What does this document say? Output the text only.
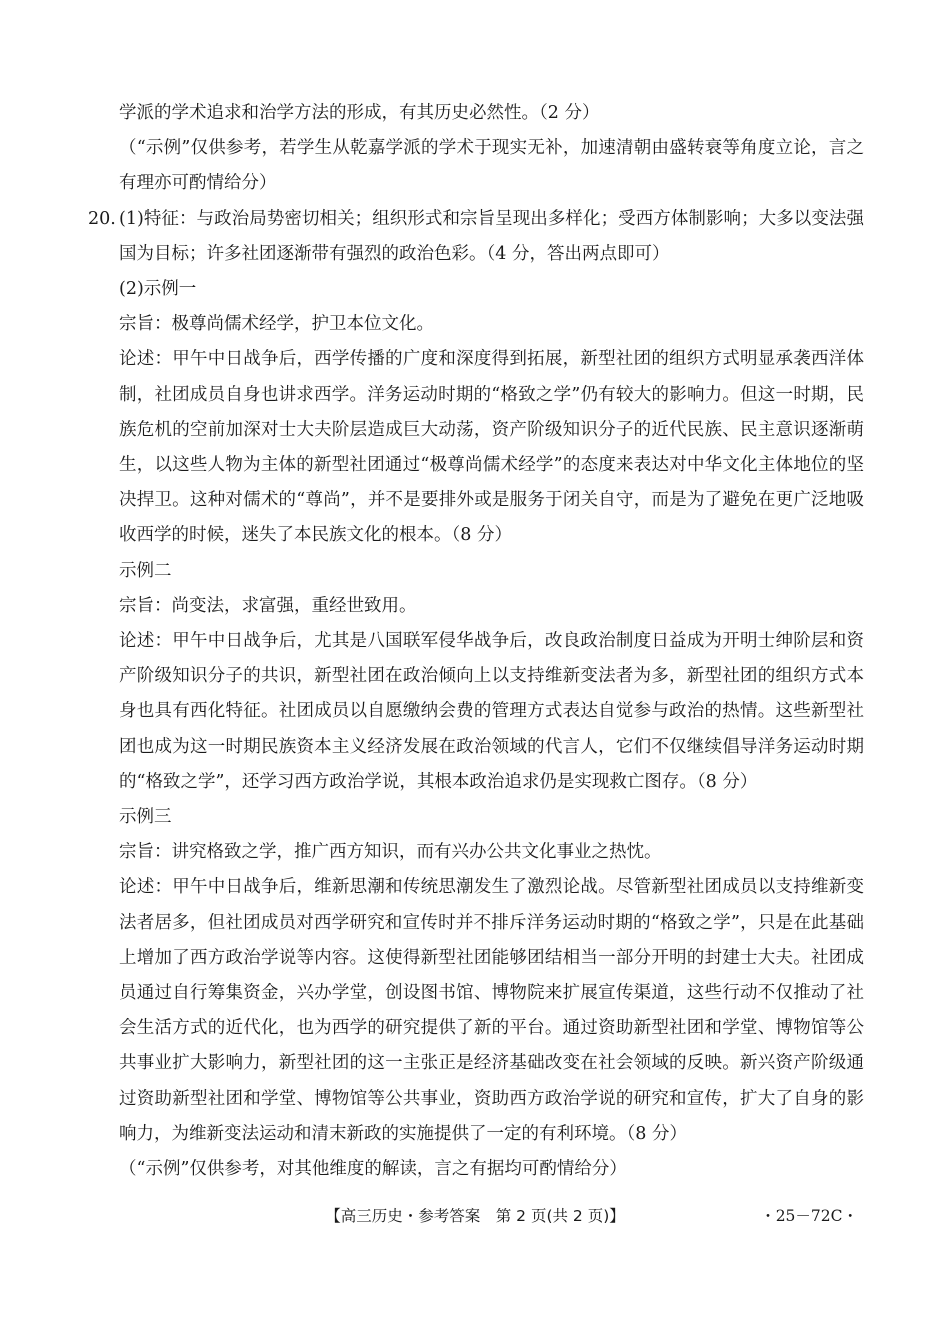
学派的学术追求和治学方法的形成，有其历史必然性。（2 分）

（“示例”仅供参考，若学生从乾嘉学派的学术于现实无补，加速清朝由盛转衰等角度立论，言之有理亦可酌情给分）

20. (1)特征：与政治局势密切相关；组织形式和宗旨呈现出多样化；受西方体制影响；大多以变法强国为目标；许多社团逐渐带有强烈的政治色彩。（4 分，答出两点即可）

(2)示例一

宗旨：极尊尚儒术经学，护卫本位文化。

论述：甲午中日战争后，西学传播的广度和深度得到拓展，新型社团的组织方式明显承袭西洋体制，社团成员自身也讲求西学。洋务运动时期的“格致之学”仍有较大的影响力。但这一时期，民族危机的空前加深对士大夫阶层造成巨大动荡，资产阶级知识分子的近代民族、民主意识逐渐萌生，以这些人物为主体的新型社团通过“极尊尚儒术经学”的态度来表达对中华文化主体地位的坚决捍卫。这种对儒术的“尊尚”，并不是要排外或是服务于闭关自守，而是为了避免在更广泛地吸收西学的时候，迷失了本民族文化的根本。（8 分）

示例二

宗旨：尚变法，求富强，重经世致用。

论述：甲午中日战争后，尤其是八国联军侵华战争后，改良政治制度日益成为开明士绅阶层和资产阶级知识分子的共识，新型社团在政治倾向上以支持维新变法者为多，新型社团的组织方式本身也具有西化特征。社团成员以自愿缴纳会费的管理方式表达自觉参与政治的热情。这些新型社团也成为这一时期民族资本主义经济发展在政治领域的代言人，它们不仅继续倡导洋务运动时期的“格致之学”，还学习西方政治学说，其根本政治追求仍是实现救亡图存。（8 分）

示例三

宗旨：讲究格致之学，推广西方知识，而有兴办公共文化事业之热忱。

论述：甲午中日战争后，维新思潮和传统思潮发生了激烈论战。尽管新型社团成员以支持维新变法者居多，但社团成员对西学研究和宣传时并不排斥洋务运动时期的“格致之学”，只是在此基础上增加了西方政治学说等内容。这使得新型社团能够团结相当一部分开明的封建士大夫。社团成员通过自行筹集资金，兴办学堂，创设图书馆、博物院来扩展宣传渠道，这些行动不仅推动了社会生活方式的近代化，也为西学的研究提供了新的平台。通过资助新型社团和学堂、博物馆等公共事业扩大影响力，新型社团的这一主张正是经济基础改变在社会领域的反映。新兴资产阶级通过资助新型社团和学堂、博物馆等公共事业，资助西方政治学说的研究和宣传，扩大了自身的影响力，为维新变法运动和清末新政的实施提供了一定的有利环境。（8 分）

（“示例”仅供参考，对其他维度的解读，言之有据均可酌情给分）

【高三历史・参考答案　第 2 页(共 2 页)】	・25－72C・
